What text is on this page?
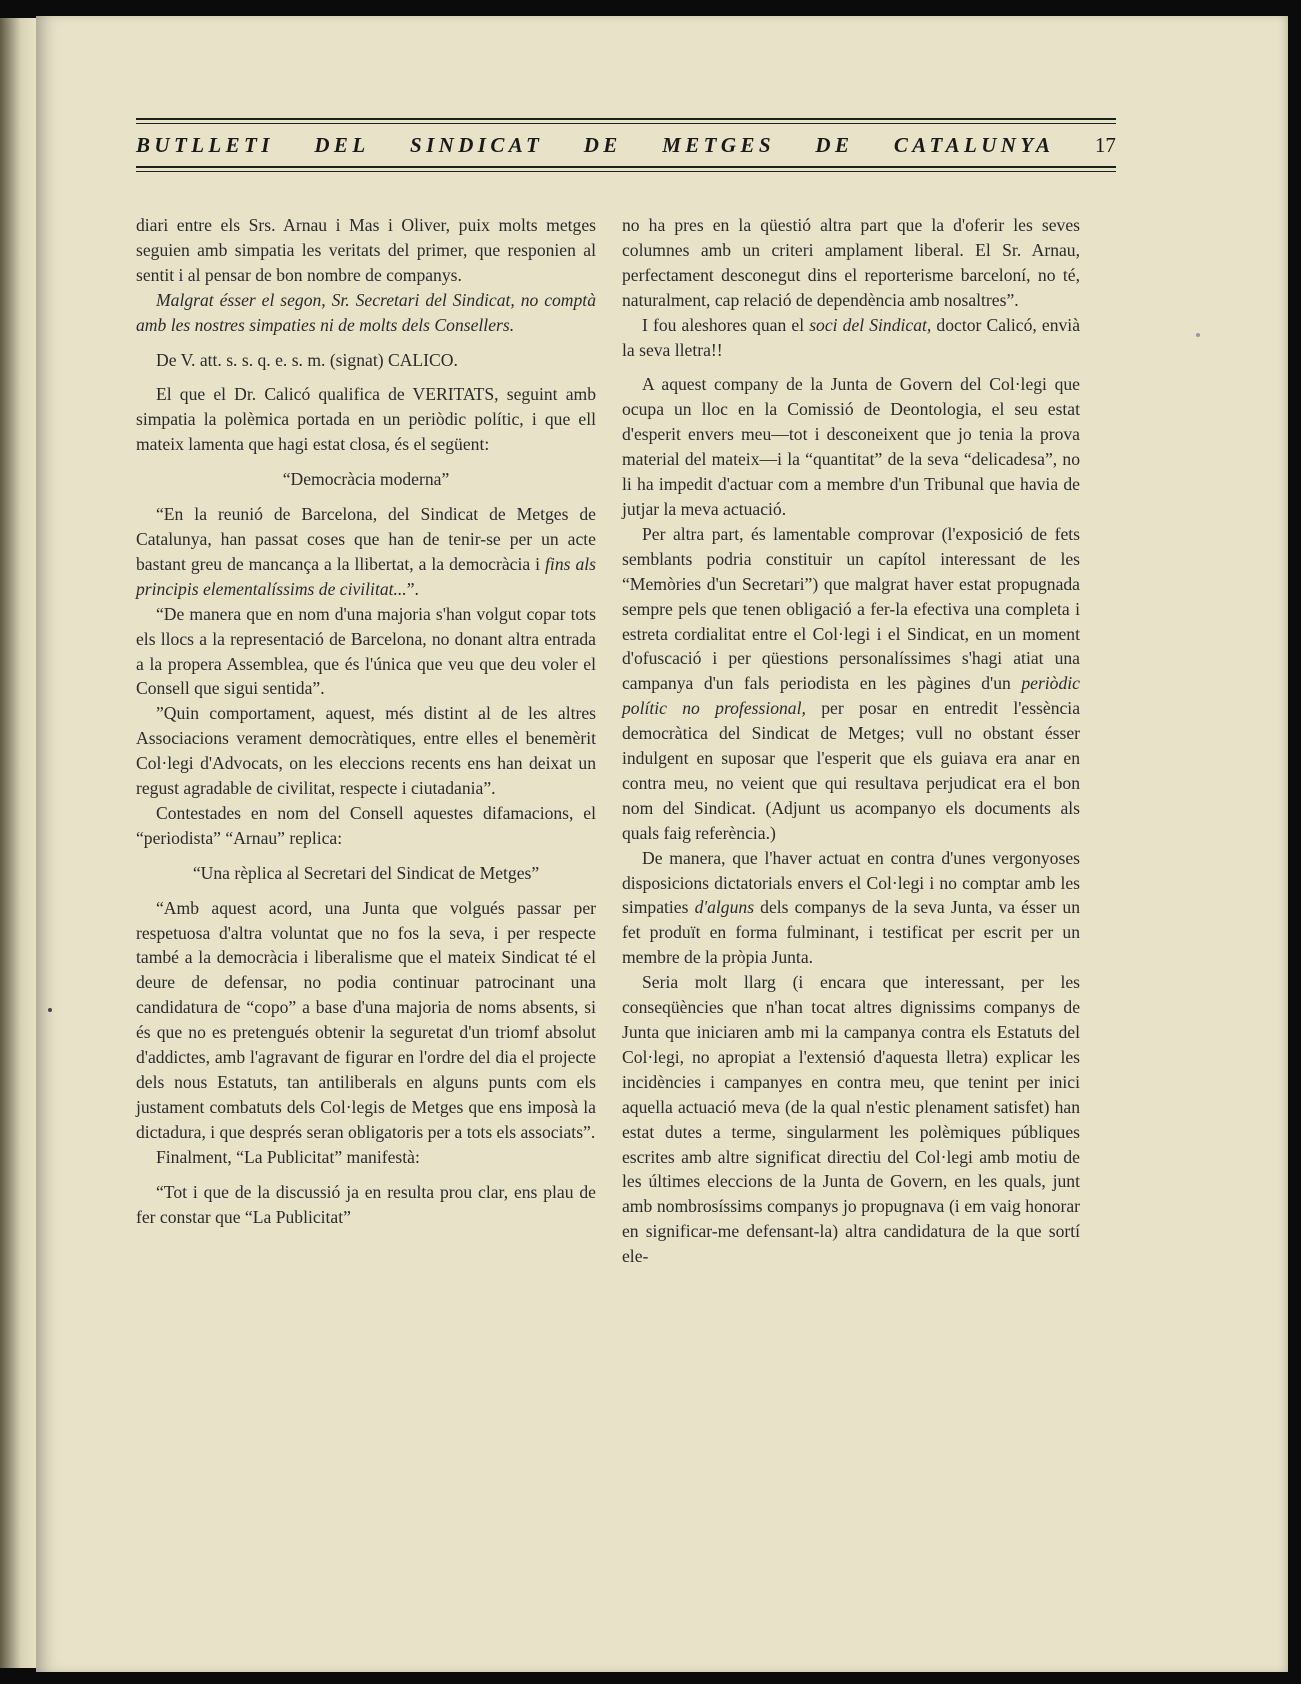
BUTLLETI DEL SINDICAT DE METGES DE CATALUNYA 17

diari entre els Srs. Arnau i Mas i Oliver, puix molts metges seguien amb simpatia les veritats del primer, que responien al sentit i al pensar de bon nombre de companys.

Malgrat ésser el segon, Sr. Secretari del Sindicat, no comptà amb les nostres simpaties ni de molts dels Consellers.

De V. att. s. s. q. e. s. m. (signat) CALICO.

El que el Dr. Calicó qualifica de VERITATS, seguint amb simpatia la polèmica portada en un periòdic polític, i que ell mateix lamenta que hagi estat closa, és el següent:

“Democràcia moderna”

“En la reunió de Barcelona, del Sindicat de Metges de Catalunya, han passat coses que han de tenir-se per un acte bastant greu de mancança a la llibertat, a la democràcia i fins als principis elementalíssims de civilitat...”.

“De manera que en nom d'una majoria s'han volgut copar tots els llocs a la representació de Barcelona, no donant altra entrada a la propera Assemblea, que és l'única que veu que deu voler el Consell que sigui sentida”.

”Quin comportament, aquest, més distint al de les altres Associacions verament democràtiques, entre elles el benemèrit Col·legi d'Advocats, on les eleccions recents ens han deixat un regust agradable de civilitat, respecte i ciutadania”.

Contestades en nom del Consell aquestes difamacions, el “periodista” “Arnau” replica:

“Una rèplica al Secretari del Sindicat de Metges”

“Amb aquest acord, una Junta que volgués passar per respetuosa d'altra voluntat que no fos la seva, i per respecte també a la democràcia i liberalisme que el mateix Sindicat té el deure de defensar, no podia continuar patrocinant una candidatura de “copo” a base d'una majoria de noms absents, si és que no es pretengués obtenir la seguretat d'un triomf absolut d'addictes, amb l'agravant de figurar en l'ordre del dia el projecte dels nous Estatuts, tan antiliberals en alguns punts com els justament combatuts dels Col·legis de Metges que ens imposà la dictadura, i que després seran obligatoris per a tots els associats”.

Finalment, “La Publicitat” manifestà:

“Tot i que de la discussió ja en resulta prou clar, ens plau de fer constar que “La Publicitat”

no ha pres en la qüestió altra part que la d'oferir les seves columnes amb un criteri amplament liberal. El Sr. Arnau, perfectament desconegut dins el reporterisme barceloní, no té, naturalment, cap relació de dependència amb nosaltres”.

I fou aleshores quan el soci del Sindicat, doctor Calicó, envià la seva lletra!!

A aquest company de la Junta de Govern del Col·legi que ocupa un lloc en la Comissió de Deontologia, el seu estat d'esperit envers meu—tot i desconeixent que jo tenia la prova material del mateix—i la “quantitat” de la seva “delicadesa”, no li ha impedit d'actuar com a membre d'un Tribunal que havia de jutjar la meva actuació.

Per altra part, és lamentable comprovar (l'exposició de fets semblants podria constituir un capítol interessant de les “Memòries d'un Secretari”) que malgrat haver estat propugnada sempre pels que tenen obligació a fer-la efectiva una completa i estreta cordialitat entre el Col·legi i el Sindicat, en un moment d'ofuscació i per qüestions personalíssimes s'hagi atiat una campanya d'un fals periodista en les pàgines d'un periòdic polític no professional, per posar en entredit l'essència democràtica del Sindicat de Metges; vull no obstant ésser indulgent en suposar que l'esperit que els guiava era anar en contra meu, no veient que qui resultava perjudicat era el bon nom del Sindicat. (Adjunt us acompanyo els documents als quals faig referència.)

De manera, que l'haver actuat en contra d'unes vergonyoses disposicions dictatorials envers el Col·legi i no comptar amb les simpaties d'alguns dels companys de la seva Junta, va ésser un fet produït en forma fulminant, i testificat per escrit per un membre de la pròpia Junta.

Seria molt llarg (i encara que interessant, per les conseqüències que n'han tocat altres dignissims companys de Junta que iniciaren amb mi la campanya contra els Estatuts del Col·legi, no apropiat a l'extensió d'aquesta lletra) explicar les incidències i campanyes en contra meu, que tenint per inici aquella actuació meva (de la qual n'estic plenament satisfet) han estat dutes a terme, singularment les polèmiques públiques escrites amb altre significat directiu del Col·legi amb motiu de les últimes eleccions de la Junta de Govern, en les quals, junt amb nombrosíssims companys jo propugnava (i em vaig honorar en significar-me defensant-la) altra candidatura de la que sortí ele-
